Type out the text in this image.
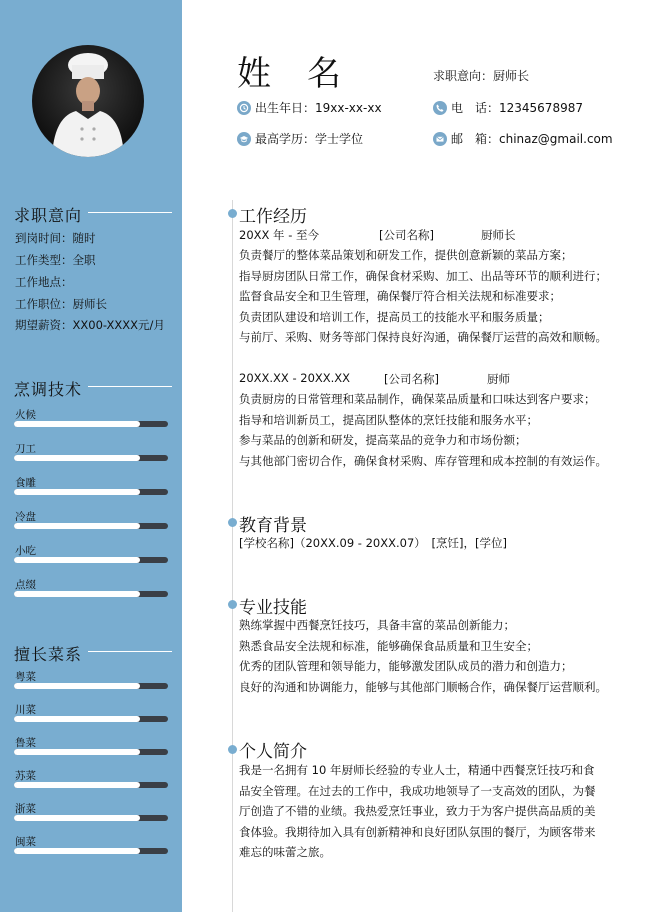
求职意向
到岗时间：随时
工作类型：全职
工作地点：
工作职位：厨师长
期望薪资：XX00-XXXX元/月
烹调技术
火候
刀工
食雕
冷盘
小吃
点缀
擅长菜系
粤菜
川菜
鲁菜
苏菜
浙菜
闽菜
姓名	求职意向：厨师长
出生年日：19xx-xx-xx	电　话：12345678987
最高学历：学士学位	邮　箱：chinaz@gmail.com
工作经历
20XX 年 - 至今	[公司名称]	厨师长
负责餐厅的整体菜品策划和研发工作，提供创意新颖的菜品方案；
指导厨房团队日常工作，确保食材采购、加工、出品等环节的顺利进行；
监督食品安全和卫生管理，确保餐厅符合相关法规和标准要求；
负责团队建设和培训工作，提高员工的技能水平和服务质量；
与前厅、采购、财务等部门保持良好沟通，确保餐厅运营的高效和顺畅。
20XX.XX - 20XX.XX	[公司名称]	厨师
负责厨房的日常管理和菜品制作，确保菜品质量和口味达到客户要求；
指导和培训新员工，提高团队整体的烹饪技能和服务水平；
参与菜品的创新和研发，提高菜品的竞争力和市场份额；
与其他部门密切合作，确保食材采购、库存管理和成本控制的有效运作。
教育背景
[学校名称]（20XX.09 - 20XX.07）　[烹饪]，[学位]
专业技能
熟练掌握中西餐烹饪技巧，具备丰富的菜品创新能力；
熟悉食品安全法规和标准，能够确保食品质量和卫生安全；
优秀的团队管理和领导能力，能够激发团队成员的潜力和创造力；
良好的沟通和协调能力，能够与其他部门顺畅合作，确保餐厅运营顺利。
个人简介
我是一名拥有 10 年厨师长经验的专业人士，精通中西餐烹饪技巧和食
品安全管理。在过去的工作中，我成功地领导了一支高效的团队，为餐
厅创造了不错的业绩。我热爱烹饪事业，致力于为客户提供高品质的美
食体验。我期待加入具有创新精神和良好团队氛围的餐厅，为顾客带来
难忘的味蕾之旅。
